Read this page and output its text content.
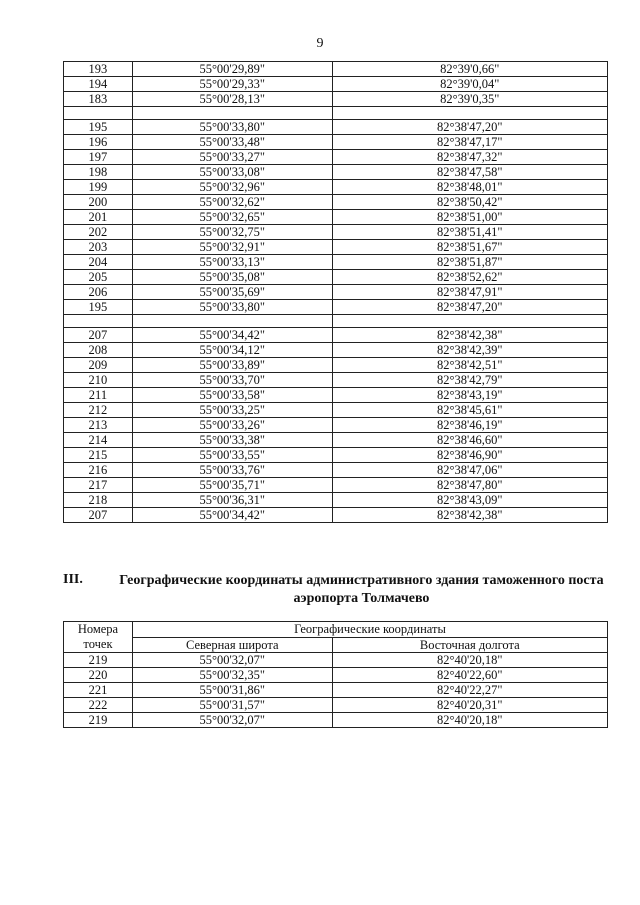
9
193	55°00'29,89"	82°39'0,66"
194	55°00'29,33"	82°39'0,04"
183	55°00'28,13"	82°39'0,35"

195	55°00'33,80"	82°38'47,20"
196	55°00'33,48"	82°38'47,17"
197	55°00'33,27"	82°38'47,32"
198	55°00'33,08"	82°38'47,58"
199	55°00'32,96"	82°38'48,01"
200	55°00'32,62"	82°38'50,42"
201	55°00'32,65"	82°38'51,00"
202	55°00'32,75"	82°38'51,41"
203	55°00'32,91"	82°38'51,67"
204	55°00'33,13"	82°38'51,87"
205	55°00'35,08"	82°38'52,62"
206	55°00'35,69"	82°38'47,91"
195	55°00'33,80"	82°38'47,20"

207	55°00'34,42"	82°38'42,38"
208	55°00'34,12"	82°38'42,39"
209	55°00'33,89"	82°38'42,51"
210	55°00'33,70"	82°38'42,79"
211	55°00'33,58"	82°38'43,19"
212	55°00'33,25"	82°38'45,61"
213	55°00'33,26"	82°38'46,19"
214	55°00'33,38"	82°38'46,60"
215	55°00'33,55"	82°38'46,90"
216	55°00'33,76"	82°38'47,06"
217	55°00'35,71"	82°38'47,80"
218	55°00'36,31"	82°38'43,09"
207	55°00'34,42"	82°38'42,38"
III.	Географические координаты административного здания таможенного поста аэропорта Толмачево
Номера точек	Географические координаты	
	Северная широта	Восточная долгота
219	55°00'32,07"	82°40'20,18"
220	55°00'32,35"	82°40'22,60"
221	55°00'31,86"	82°40'22,27"
222	55°00'31,57"	82°40'20,31"
219	55°00'32,07"	82°40'20,18"
